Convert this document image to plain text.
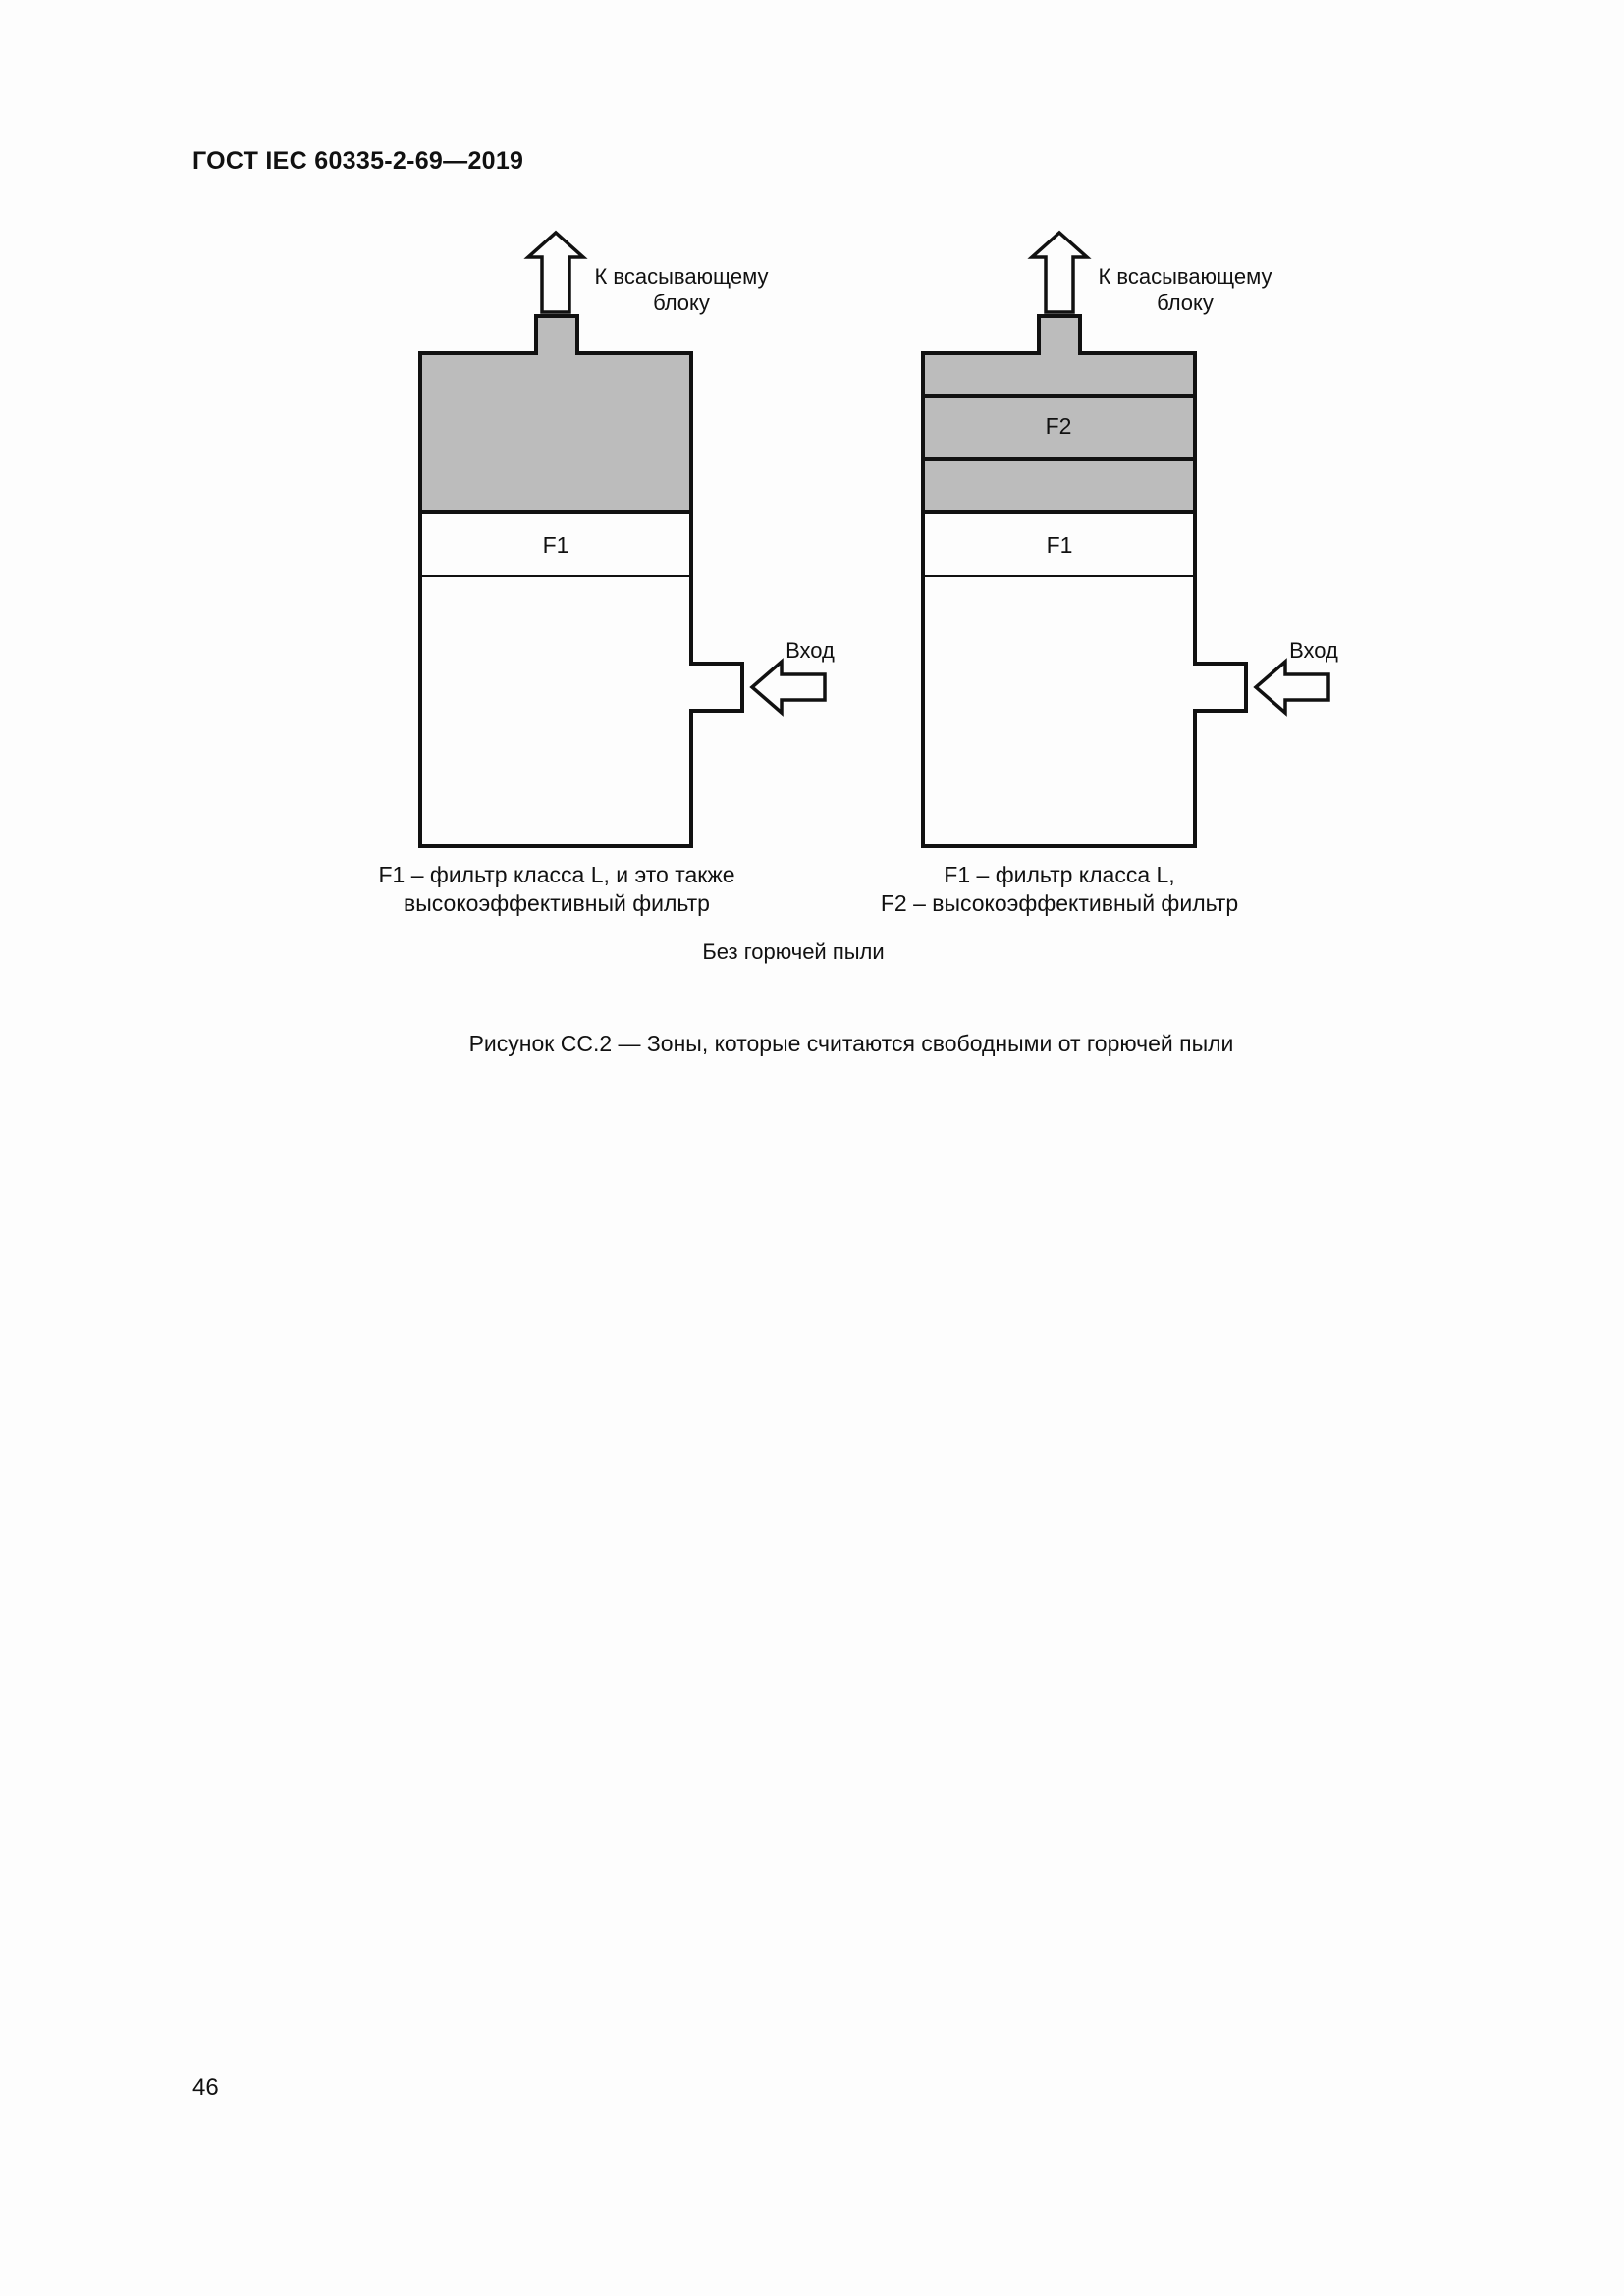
ГОСТ IEC 60335-2-69—2019
F1
К всасывающему
блоку
Вход
F1 – фильтр класса L, и это также
высокоэффективный фильтр
F2
F1
К всасывающему
блоку
Вход
F1 – фильтр класса L,
F2 – высокоэффективный фильтр
Без горючей пыли
Рисунок СС.2 — Зоны, которые считаются свободными от горючей пыли
46
